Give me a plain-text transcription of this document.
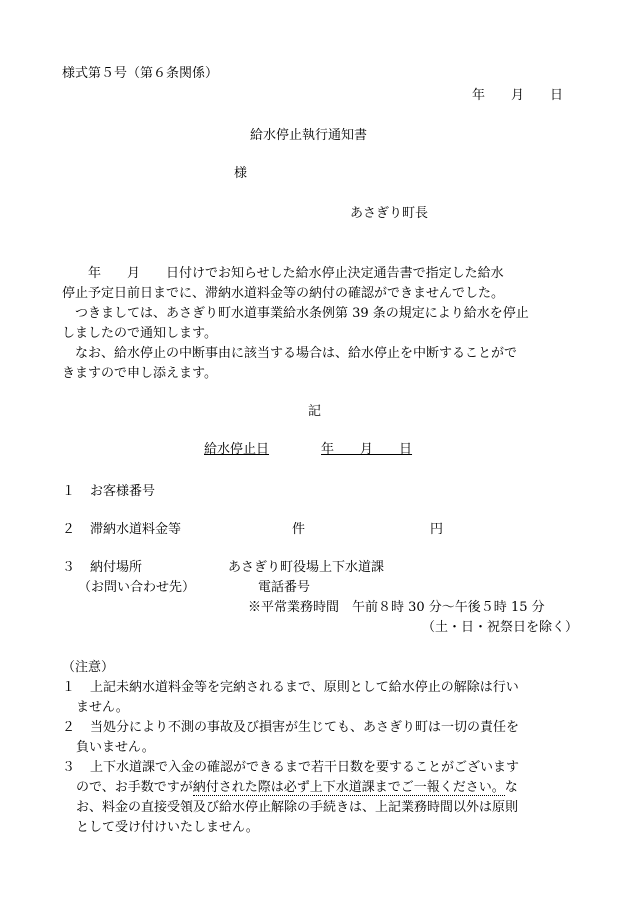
様式第５号（第６条関係）
年　　月　　日
給水停止執行通知書
様
あさぎり町長
　　年　　月　　日付けでお知らせした給水停止決定通告書で指定した給水
停止予定日前日までに、滞納水道料金等の納付の確認ができませんでした。
　つきましては、あさぎり町水道事業給水条例第 39 条の規定により給水を停止
しましたので通知します。
　なお、給水停止の中断事由に該当する場合は、給水停止を中断することがで
きますので申し添えます。
記
給水停止日	年　　月　　日
１ お客様番号
２ 滞納水道料金等	件	円
３ 納付場所	あさぎり町役場上下水道課
（お問い合わせ先）	電話番号
※平常業務時間　午前８時 30 分～午後５時 15 分
（土・日・祝祭日を除く）
（注意）
１ 上記未納水道料金等を完納されるまで、原則として給水停止の解除は行い
ません。
２ 当処分により不測の事故及び損害が生じても、あさぎり町は一切の責任を
負いません。
３ 上下水道課で入金の確認ができるまで若干日数を要することがございます
ので、お手数ですが納付された際は必ず上下水道課までご一報ください。な
お、料金の直接受領及び給水停止解除の手続きは、上記業務時間以外は原則
として受け付けいたしません。
